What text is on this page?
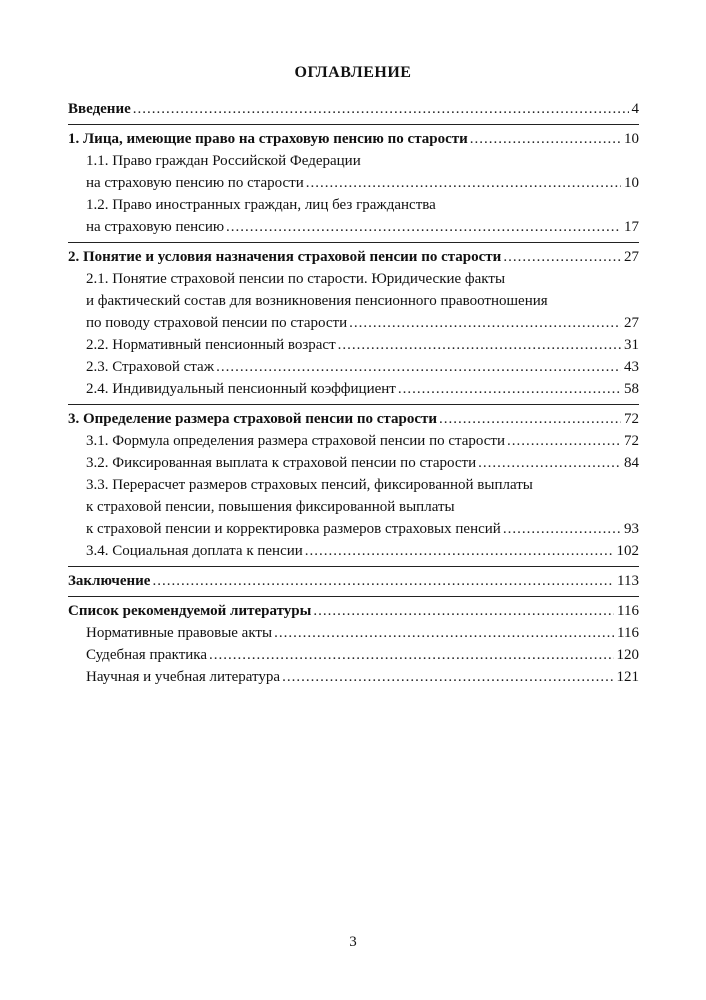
ОГЛАВЛЕНИЕ
Введение .....	4
1. Лица, имеющие право на страховую пенсию по старости .....	10
1.1. Право граждан Российской Федерации
на страховую пенсию по старости .....	10
1.2. Право иностранных граждан, лиц без гражданства
на страховую пенсию .....	17
2. Понятие и условия назначения страховой пенсии по старости .....	27
2.1. Понятие страховой пенсии по старости. Юридические факты
и фактический состав для возникновения пенсионного правоотношения
по поводу страховой пенсии по старости .....	27
2.2. Нормативный пенсионный возраст .....	31
2.3. Страховой стаж .....	43
2.4. Индивидуальный пенсионный коэффициент .....	58
3. Определение размера страховой пенсии по старости .....	72
3.1. Формула определения размера страховой пенсии по старости .....	72
3.2. Фиксированная выплата к страховой пенсии по старости .....	84
3.3. Перерасчет размеров страховых пенсий, фиксированной выплаты
к страховой пенсии, повышения фиксированной выплаты
к страховой пенсии и корректировка размеров страховых пенсий .....	93
3.4. Социальная доплата к пенсии .....	102
Заключение .....	113
Список рекомендуемой литературы .....	116
Нормативные правовые акты .....	116
Судебная практика .....	120
Научная и учебная литература .....	121
3
